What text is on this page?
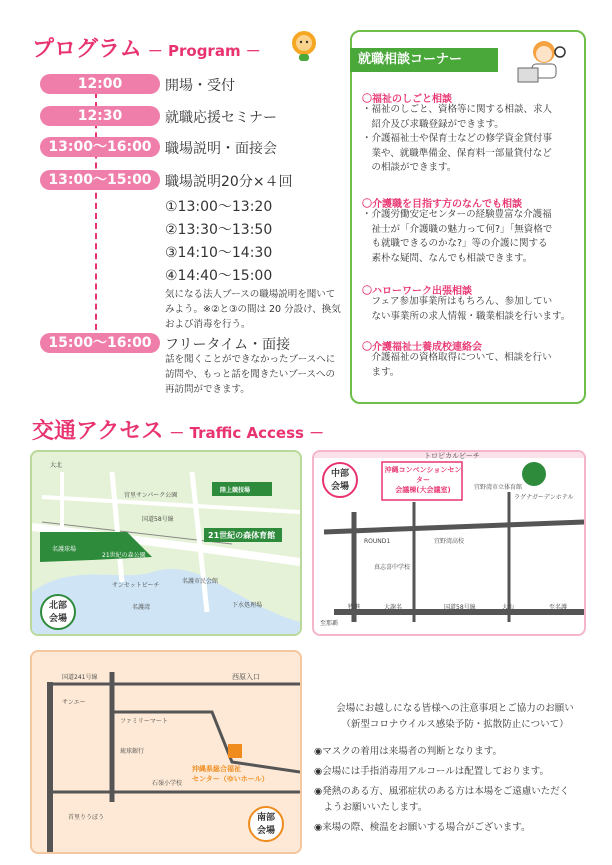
プログラム － Program －
12:00	開場・受付
12:30	就職応援セミナー
13:00～16:00 職場説明・面接会
13:00～15:00 職場説明20分×４回
①13:00～13:20
②13:30～13:50
③14:10～14:30
④14:40～15:00
気になる法人ブースの職場説明を聞いて
みよう。※②と③の間は 20 分設け、換気
および消毒を行う。
15:00～16:00 フリータイム・面接
話を聞くことができなかったブースへに
訪問や、もっと話を聞きたいブースへの
再訪問ができます。
就職相談コーナー
〇福祉のしごと相談
・福祉のしごと、資格等に関する相談、求人
　紹介及び求職登録ができます。
・介護福祉士や保育士などの修学資金貸付事
　業や、就職準備金、保育料一部量貸付など
　の相談ができます。
〇介護職を目指す方のなんでも相談
・介護労働安定センターの経験豊富な介護福
　祉士が「介護職の魅力って何?」「無資格で
　も就職できるのかな?」等の介護に関する
　素朴な疑問、なんでも相談できます。
〇ハローワーク出張相談
　フェア参加事業所はもちろん、参加してい
　ない事業所の求人情報・職業相談を行います。
〇介護福祉士養成校連絡会
　介護福祉の資格取得について、相談を行い
　ます。
交通アクセス － Traffic Access －
大北
宮里サンパーク公園
陸上競技場
国道58号線
21世紀の森体育館
21世紀の森公園
名護球場
サンセットビーチ
名護市民会館
名護湾	下水処理場
北部
会場
トロピカルビーチ
沖縄コンベンションセンター
会議棟(大会議室)	宜野湾市立体育館
ラグナガーデンホテル
ROUND1	宜野湾高校
真志喜中学校
国道58号線
至那覇
至名護
牧港	大謝名	大山
中部
会場
国道241号線	西原入口
サンエー
ファミリーマート
琉球銀行
石嶺小学校
首里りうぼう
沖縄県総合福祉
センター（ゆいホール）
南部
会場
会場にお越しになる皆様への注意事項とご協力のお願い
（新型コロナウイルス感染予防・拡散防止について）
◉マスクの着用は来場者の判断となります。
◉会場には手指消毒用アルコールは配置しております。
◉発熱のある方、風邪症状のある方は本場をご遠慮いただく
　ようお願いいたします。
◉来場の際、検温をお願いする場合がございます。
